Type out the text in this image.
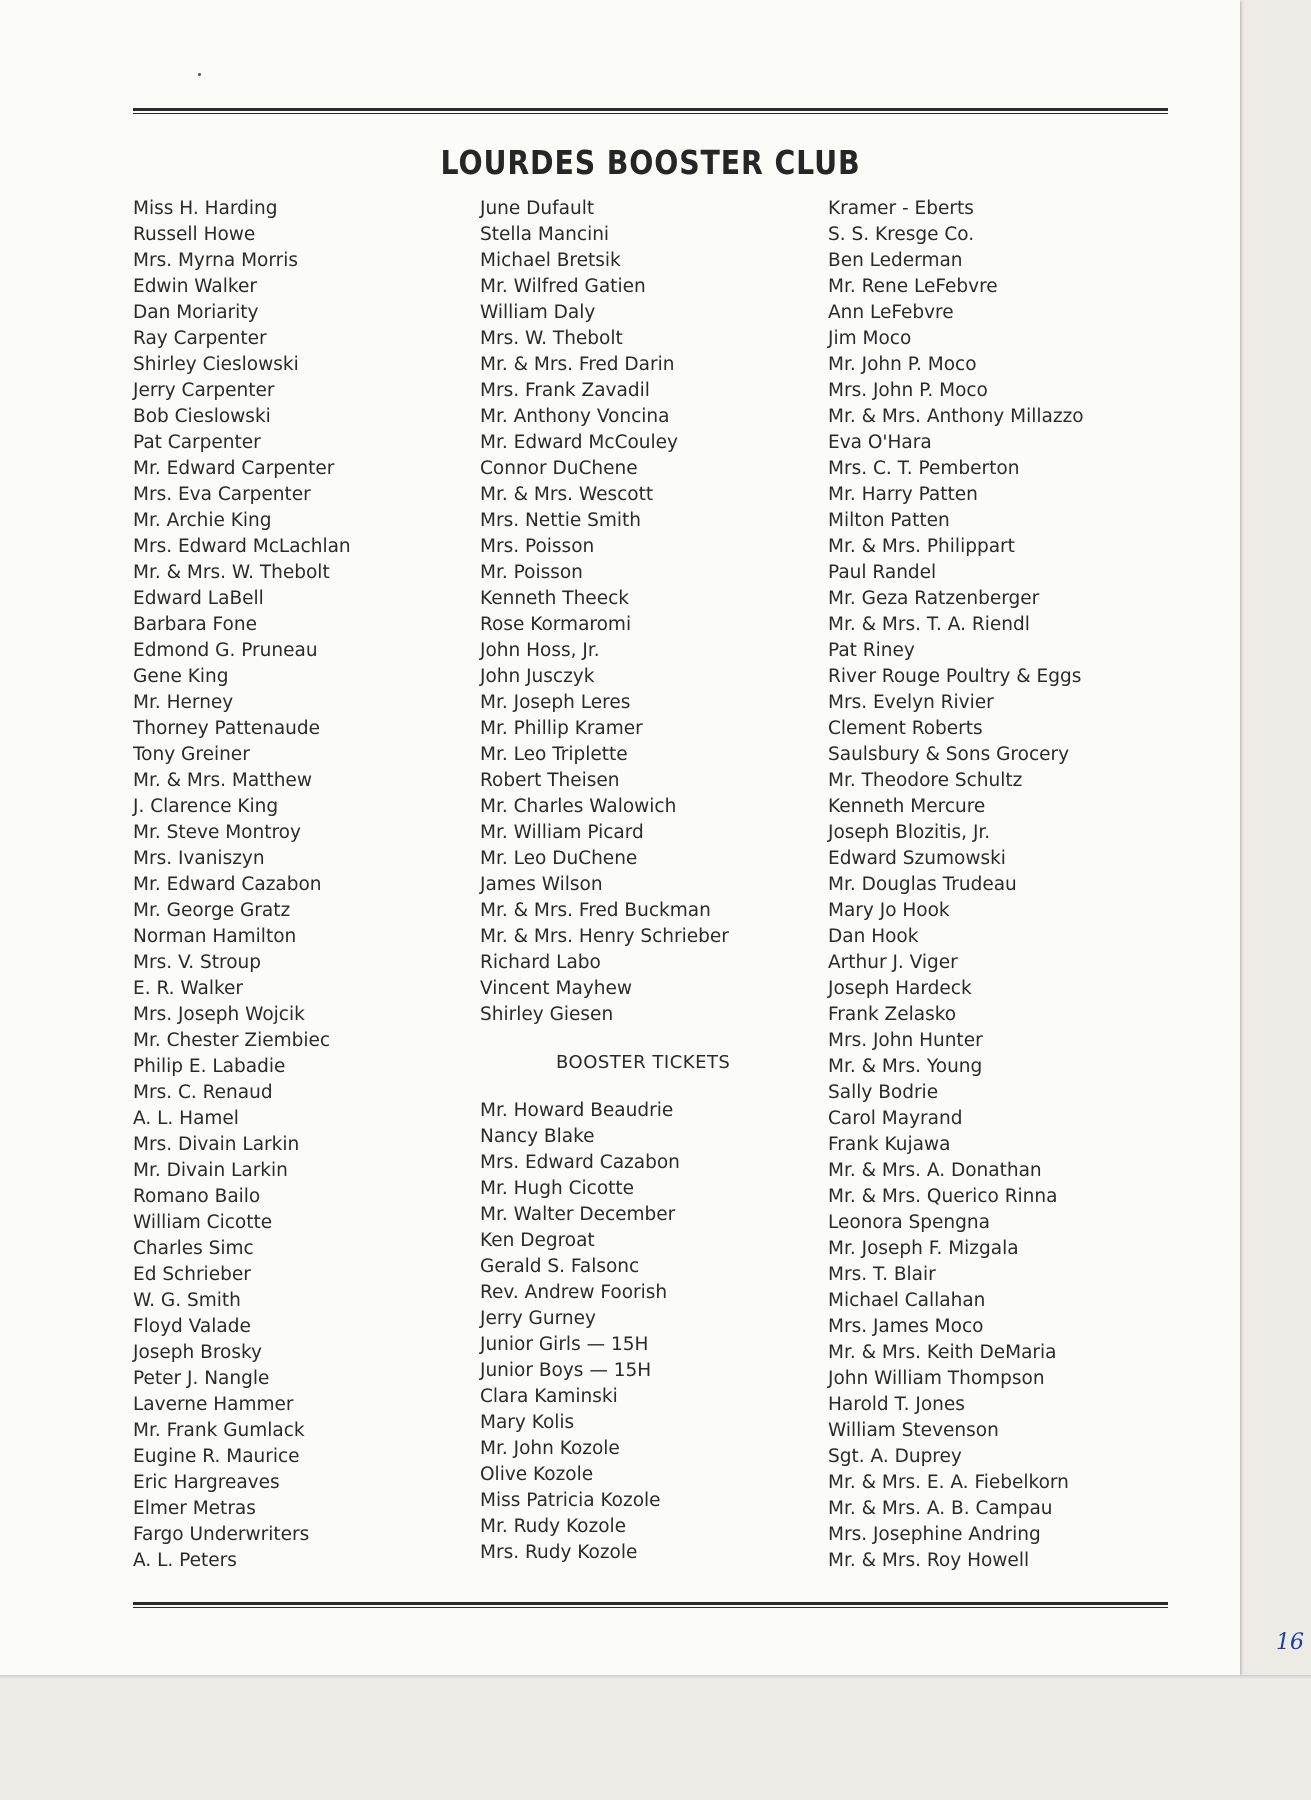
LOURDES BOOSTER CLUB
Miss H. Harding
Russell Howe
Mrs. Myrna Morris
Edwin Walker
Dan Moriarity
Ray Carpenter
Shirley Cieslowski
Jerry Carpenter
Bob Cieslowski
Pat Carpenter
Mr. Edward Carpenter
Mrs. Eva Carpenter
Mr. Archie King
Mrs. Edward McLachlan
Mr. & Mrs. W. Thebolt
Edward LaBell
Barbara Fone
Edmond G. Pruneau
Gene King
Mr. Herney
Thorney Pattenaude
Tony Greiner
Mr. & Mrs. Matthew
J. Clarence King
Mr. Steve Montroy
Mrs. Ivaniszyn
Mr. Edward Cazabon
Mr. George Gratz
Norman Hamilton
Mrs. V. Stroup
E. R. Walker
Mrs. Joseph Wojcik
Mr. Chester Ziembiec
Philip E. Labadie
Mrs. C. Renaud
A. L. Hamel
Mrs. Divain Larkin
Mr. Divain Larkin
Romano Bailo
William Cicotte
Charles Simc
Ed Schrieber
W. G. Smith
Floyd Valade
Joseph Brosky
Peter J. Nangle
Laverne Hammer
Mr. Frank Gumlack
Eugine R. Maurice
Eric Hargreaves
Elmer Metras
Fargo Underwriters
A. L. Peters
June Dufault
Stella Mancini
Michael Bretsik
Mr. Wilfred Gatien
William Daly
Mrs. W. Thebolt
Mr. & Mrs. Fred Darin
Mrs. Frank Zavadil
Mr. Anthony Voncina
Mr. Edward McCouley
Connor DuChene
Mr. & Mrs. Wescott
Mrs. Nettie Smith
Mrs. Poisson
Mr. Poisson
Kenneth Theeck
Rose Kormaromi
John Hoss, Jr.
John Jusczyk
Mr. Joseph Leres
Mr. Phillip Kramer
Mr. Leo Triplette
Robert Theisen
Mr. Charles Walowich
Mr. William Picard
Mr. Leo DuChene
James Wilson
Mr. & Mrs. Fred Buckman
Mr. & Mrs. Henry Schrieber
Richard Labo
Vincent Mayhew
Shirley Giesen
BOOSTER TICKETS
Mr. Howard Beaudrie
Nancy Blake
Mrs. Edward Cazabon
Mr. Hugh Cicotte
Mr. Walter December
Ken Degroat
Gerald S. Falsonc
Rev. Andrew Foorish
Jerry Gurney
Junior Girls — 15H
Junior Boys — 15H
Clara Kaminski
Mary Kolis
Mr. John Kozole
Olive Kozole
Miss Patricia Kozole
Mr. Rudy Kozole
Mrs. Rudy Kozole
Kramer - Eberts
S. S. Kresge Co.
Ben Lederman
Mr. Rene LeFebvre
Ann LeFebvre
Jim Moco
Mr. John P. Moco
Mrs. John P. Moco
Mr. & Mrs. Anthony Millazzo
Eva O'Hara
Mrs. C. T. Pemberton
Mr. Harry Patten
Milton Patten
Mr. & Mrs. Philippart
Paul Randel
Mr. Geza Ratzenberger
Mr. & Mrs. T. A. Riendl
Pat Riney
River Rouge Poultry & Eggs
Mrs. Evelyn Rivier
Clement Roberts
Saulsbury & Sons Grocery
Mr. Theodore Schultz
Kenneth Mercure
Joseph Blozitis, Jr.
Edward Szumowski
Mr. Douglas Trudeau
Mary Jo Hook
Dan Hook
Arthur J. Viger
Joseph Hardeck
Frank Zelasko
Mrs. John Hunter
Mr. & Mrs. Young
Sally Bodrie
Carol Mayrand
Frank Kujawa
Mr. & Mrs. A. Donathan
Mr. & Mrs. Querico Rinna
Leonora Spengna
Mr. Joseph F. Mizgala
Mrs. T. Blair
Michael Callahan
Mrs. James Moco
Mr. & Mrs. Keith DeMaria
John William Thompson
Harold T. Jones
William Stevenson
Sgt. A. Duprey
Mr. & Mrs. E. A. Fiebelkorn
Mr. & Mrs. A. B. Campau
Mrs. Josephine Andring
Mr. & Mrs. Roy Howell
16
